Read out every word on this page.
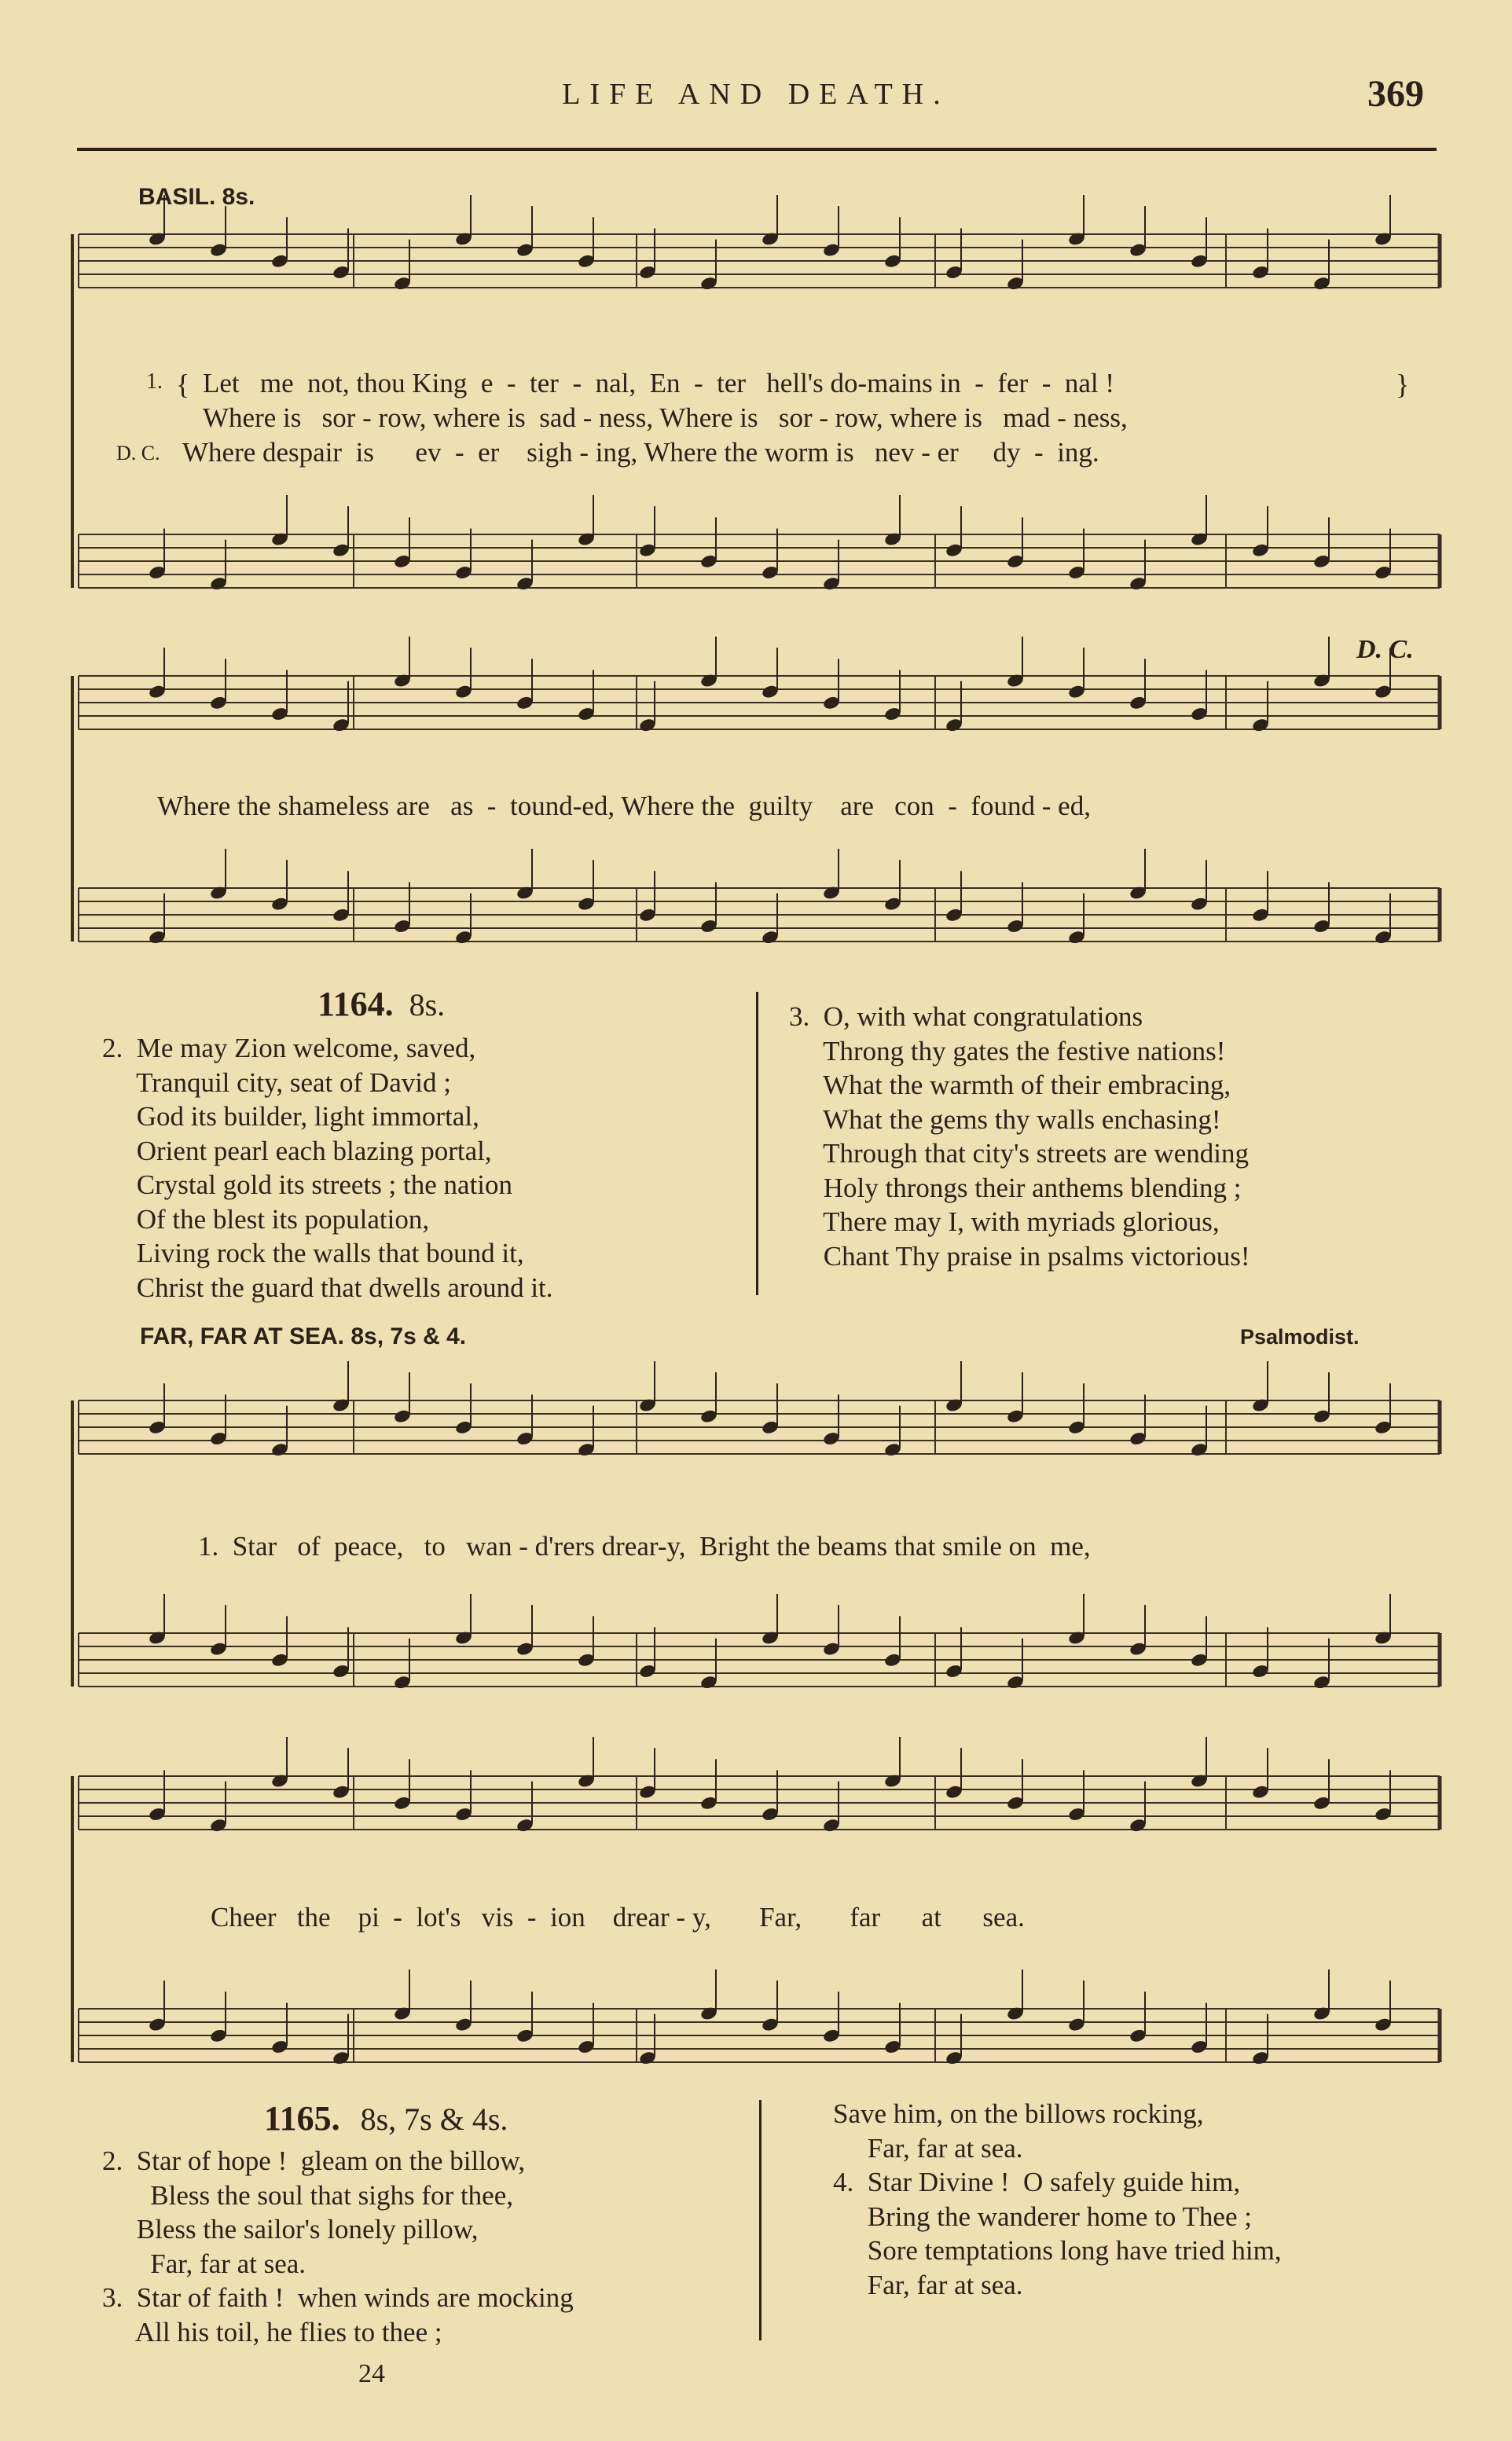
LIFE AND DEATH.	369
BASIL. 8s.
1. { Let   me  not, thou King  e  -  ter  -  nal,  En  -  ter   hell's do-mains in  -  fer  -  nal !
Where is   sor - row, where is  sad - ness, Where is   sor - row, where is   mad - ness,
}
D. C. Where despair  is      ev  -  er    sigh - ing, Where the worm is   nev - er     dy  -  ing.
D. C.
Where the shameless are   as  -  tound-ed, Where the  guilty    are   con  -  found - ed,
1164. 8s.
2.  Me may Zion welcome, saved,
Tranquil city, seat of David ;
God its builder, light immortal,
Orient pearl each blazing portal,
Crystal gold its streets ; the nation
Of the blest its population,
Living rock the walls that bound it,
Christ the guard that dwells around it.
3.  O, with what congratulations
Throng thy gates the festive nations!
What the warmth of their embracing,
What the gems thy walls enchasing!
Through that city's streets are wending
Holy throngs their anthems blending ;
There may I, with myriads glorious,
Chant Thy praise in psalms victorious!
FAR, FAR AT SEA. 8s, 7s & 4.	Psalmodist.
1.  Star   of  peace,   to   wan - d'rers drear-y,  Bright the beams that smile on  me,
Cheer   the    pi  -  lot's   vis  -  ion    drear - y,       Far,       far      at      sea.
1165. 8s, 7s & 4s.
2.  Star of hope !  gleam on the billow,
Bless the soul that sighs for thee,
Bless the sailor's lonely pillow,
Far, far at sea.
3.  Star of faith !  when winds are mocking
All his toil, he flies to thee ;
Save him, on the billows rocking,
Far, far at sea.
4.  Star Divine !  O safely guide him,
Bring the wanderer home to Thee ;
Sore temptations long have tried him,
Far, far at sea.
24
